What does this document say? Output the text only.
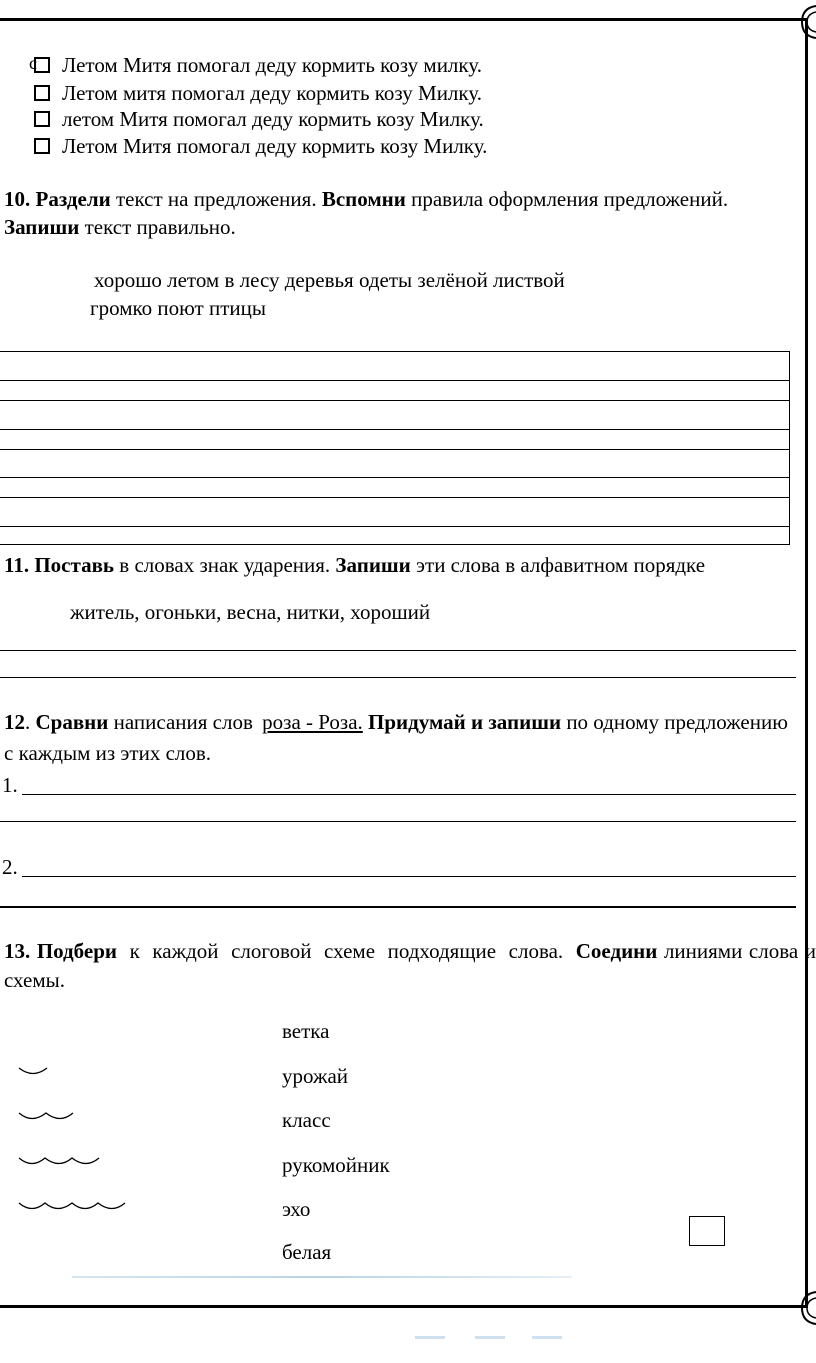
с Летом Митя помогал деду кормить козу милку.
Летом митя помогал деду кормить козу Милку.
летом Митя помогал деду кормить козу Милку.
Летом Митя помогал деду кормить козу Милку.
10. Раздели текст на предложения. Вспомни правила оформления предложений. Запиши текст правильно.
хорошо летом в лесу деревья одеты зелёной листвой
громко поют птицы
11. Поставь в словах знак ударения. Запиши эти слова в алфавитном порядке
житель, огоньки, весна, нитки, хороший
12. Сравни написания слов роза - Роза. Придумай и запиши по одному предложению с каждым из этих слов.
1.
2.
13. Подбери к каждой слоговой схеме подходящие слова. Соедини линиями слова и схемы.
ветка
урожай
класс
рукомойник
эхо
белая
